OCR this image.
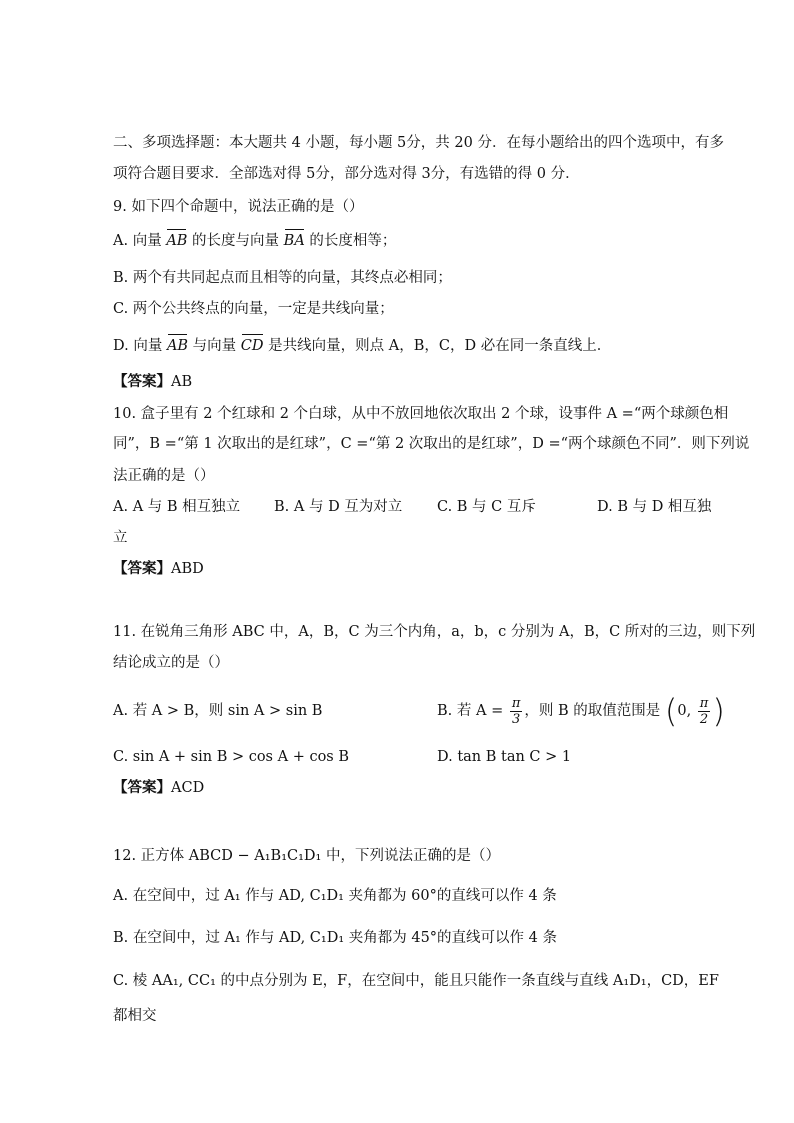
二、多项选择题：本大题共 4 小题，每小题 5分，共 20 分．在每小题给出的四个选项中，有多
项符合题目要求．全部选对得 5分，部分选对得 3分，有选错的得 0 分．
9. 如下四个命题中，说法正确的是（）
A. 向量 AB 的长度与向量 BA 的长度相等；
B. 两个有共同起点而且相等的向量，其终点必相同；
C. 两个公共终点的向量，一定是共线向量；
D. 向量 AB 与向量 CD 是共线向量，则点 A，B，C，D 必在同一条直线上．
【答案】AB
10. 盒子里有 2 个红球和 2 个白球，从中不放回地依次取出 2 个球，设事件 A =“两个球颜色相
同”，B =“第 1 次取出的是红球”，C =“第 2 次取出的是红球”，D =“两个球颜色不同”．则下列说
法正确的是（）
A. A 与 B 相互独立 B. A 与 D 互为对立 C. B 与 C 互斥	D. B 与 D 相互独
立
【答案】ABD
11. 在锐角三角形 ABC 中，A，B，C 为三个内角，a，b，c 分别为 A，B，C 所对的三边，则下列
结论成立的是（）
A. 若 A > B，则 sin A > sin B	B. 若 $A = \frac{\pi}{3}$ ，则 B 的取值范围是 (0, $\frac{\pi}{2}$ )
C. sin A + sin B > cos A + cos B	D. tan B tan C > 1
【答案】ACD
12. 正方体 ABCD − A₁B₁C₁D₁ 中，下列说法正确的是（）
A. 在空间中，过 A₁ 作与 AD, C₁D₁ 夹角都为 60°的直线可以作 4 条
B. 在空间中，过 A₁ 作与 AD, C₁D₁ 夹角都为 45°的直线可以作 4 条
C. 棱 AA₁, CC₁ 的中点分别为 E，F，在空间中，能且只能作一条直线与直线 A₁D₁，CD，EF
都相交
